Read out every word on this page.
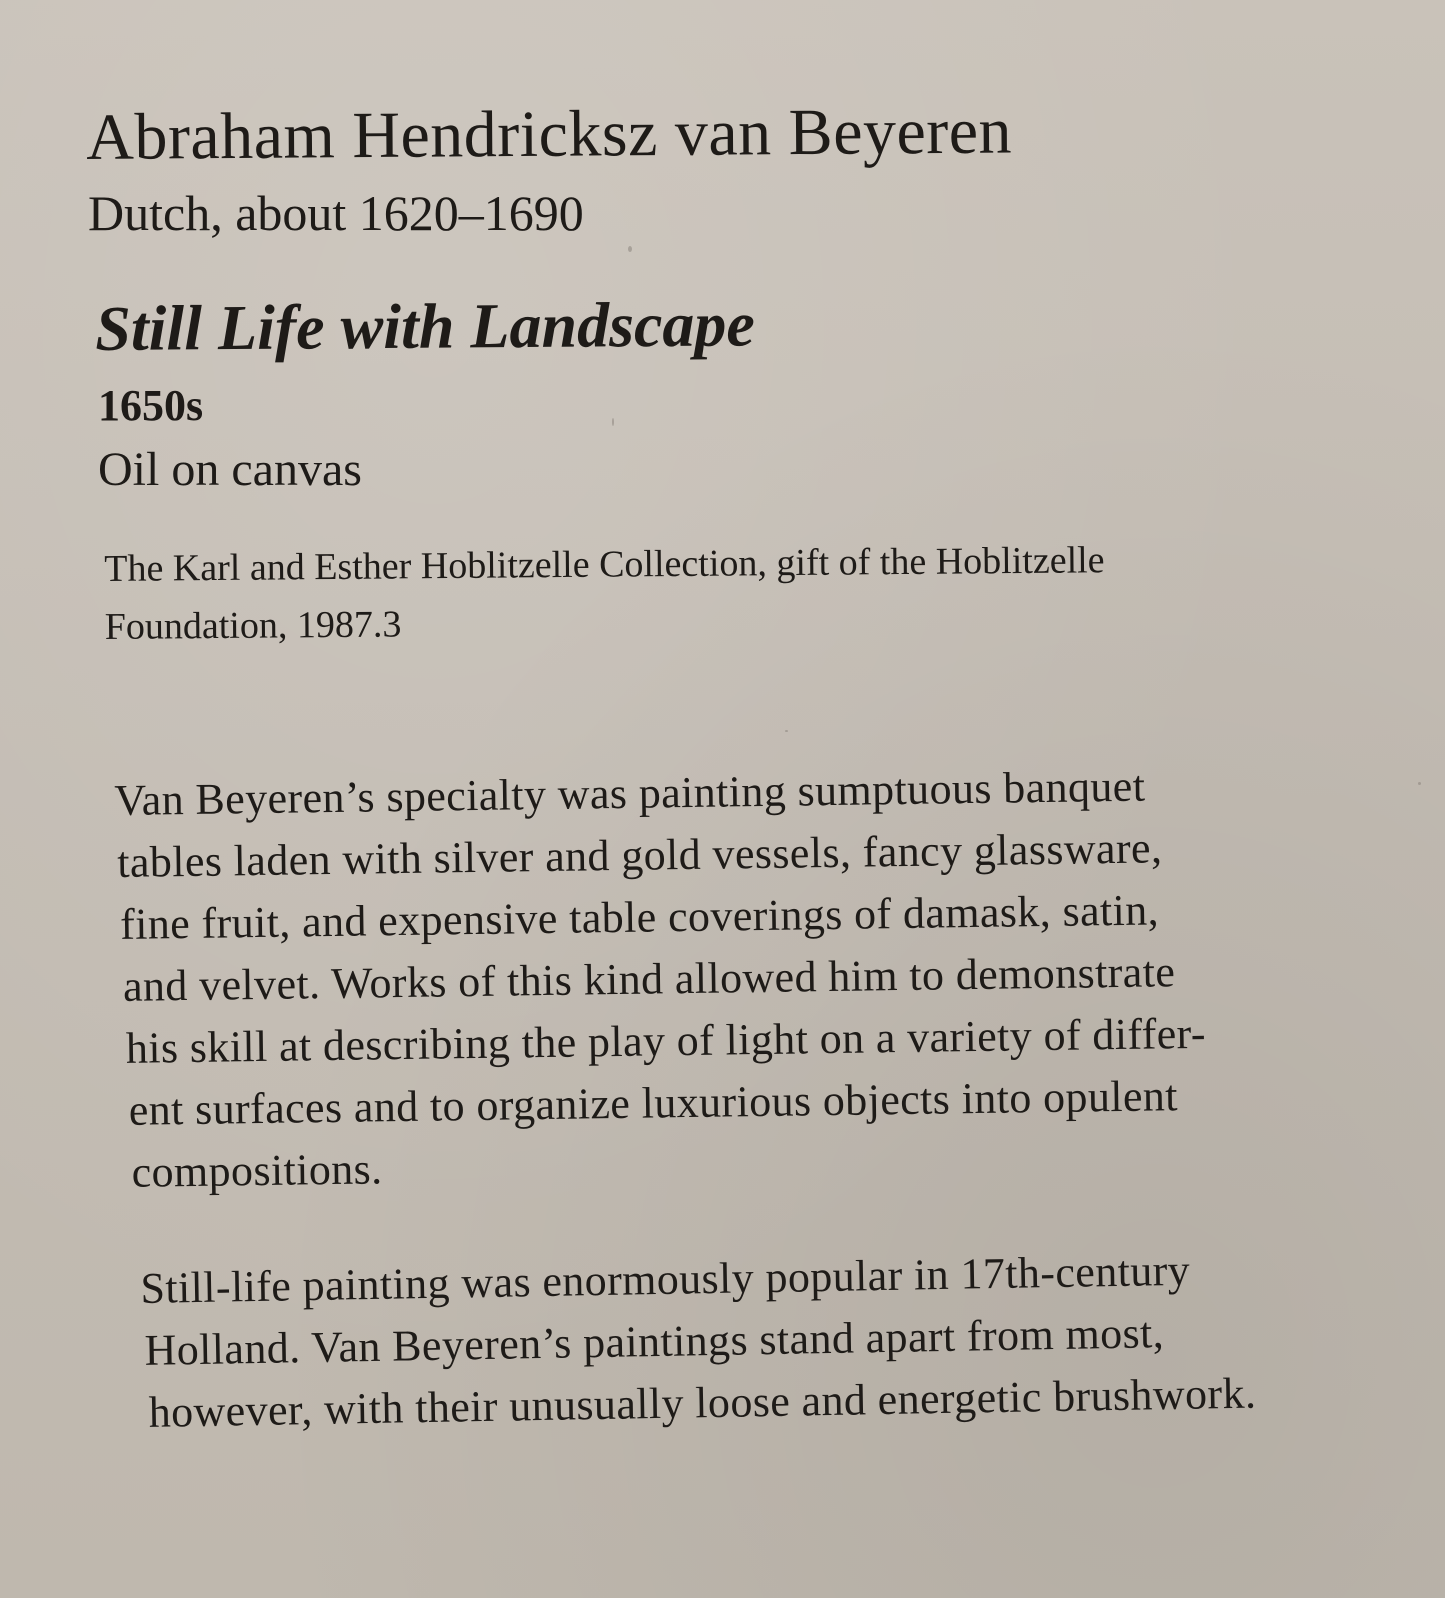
Abraham Hendricksz van Beyeren

Dutch, about 1620–1690

Still Life with Landscape

1650s

Oil on canvas

The Karl and Esther Hoblitzelle Collection, gift of the Hoblitzelle
Foundation, 1987.3

Van Beyeren’s specialty was painting sumptuous banquet
tables laden with silver and gold vessels, fancy glassware,
fine fruit, and expensive table coverings of damask, satin,
and velvet. Works of this kind allowed him to demonstrate
his skill at describing the play of light on a variety of differ-
ent surfaces and to organize luxurious objects into opulent
compositions.

Still-life painting was enormously popular in 17th-century
Holland. Van Beyeren’s paintings stand apart from most,
however, with their unusually loose and energetic brushwork.
